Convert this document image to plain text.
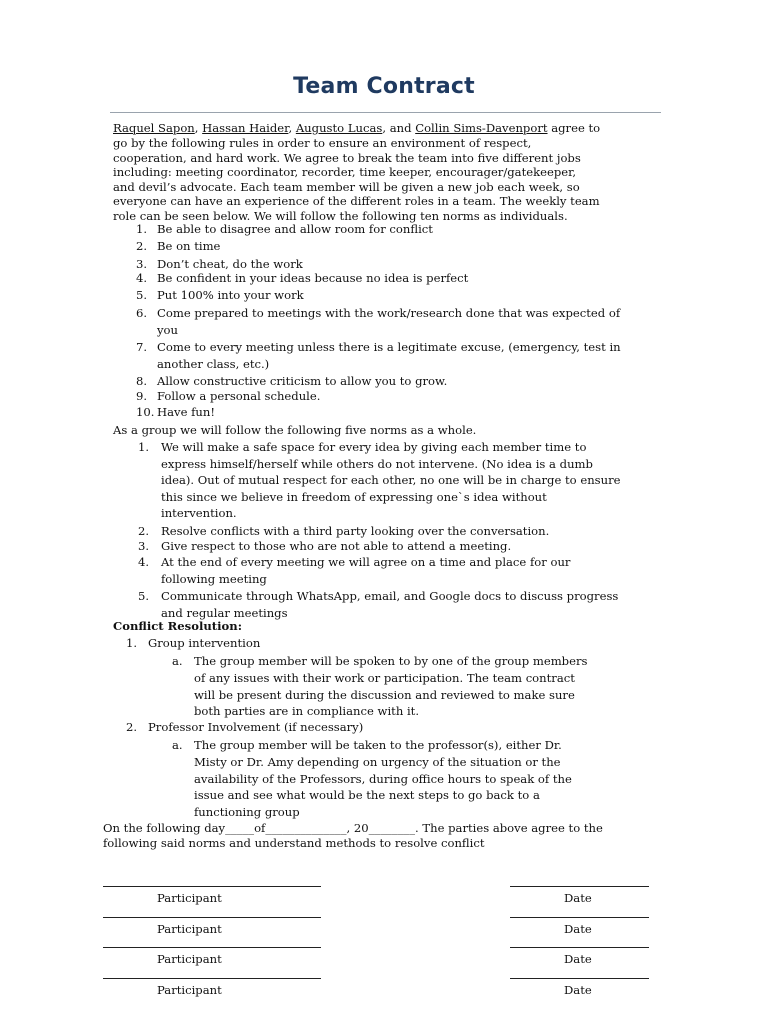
Team Contract
Raquel Sapon, Hassan Haider, Augusto Lucas, and Collin Sims-Davenport agree to
go by the following rules in order to ensure an environment of respect,
cooperation, and hard work. We agree to break the team into five different jobs
including: meeting coordinator, recorder, time keeper, encourager/gatekeeper,
and devil’s advocate. Each team member will be given a new job each week, so
everyone can have an experience of the different roles in a team. The weekly team
role can be seen below. We will follow the following ten norms as individuals.
1. Be able to disagree and allow room for conflict
2. Be on time
3. Don’t cheat, do the work
4. Be confident in your ideas because no idea is perfect
5. Put 100% into your work
6. Come prepared to meetings with the work/research done that was expected of
you
7. Come to every meeting unless there is a legitimate excuse, (emergency, test in
another class, etc.)
8. Allow constructive criticism to allow you to grow.
9. Follow a personal schedule.
10. Have fun!
As a group we will follow the following five norms as a whole.
1. We will make a safe space for every idea by giving each member time to
express himself/herself while others do not intervene. (No idea is a dumb
idea). Out of mutual respect for each other, no one will be in charge to ensure
this since we believe in freedom of expressing one`s idea without
intervention.
2. Resolve conflicts with a third party looking over the conversation.
3. Give respect to those who are not able to attend a meeting.
4. At the end of every meeting we will agree on a time and place for our
following meeting
5. Communicate through WhatsApp, email, and Google docs to discuss progress
and regular meetings
Conflict Resolution:
1. Group intervention
a. The group member will be spoken to by one of the group members
of any issues with their work or participation. The team contract
will be present during the discussion and reviewed to make sure
both parties are in compliance with it.
2. Professor Involvement (if necessary)
a. The group member will be taken to the professor(s), either Dr.
Misty or Dr. Amy depending on urgency of the situation or the
availability of the Professors, during office hours to speak of the
issue and see what would be the next steps to go back to a
functioning group
On the following day_____of______________, 20________. The parties above agree to the
following said norms and understand methods to resolve conflict
Participant	Date
Participant	Date
Participant	Date
Participant	Date
